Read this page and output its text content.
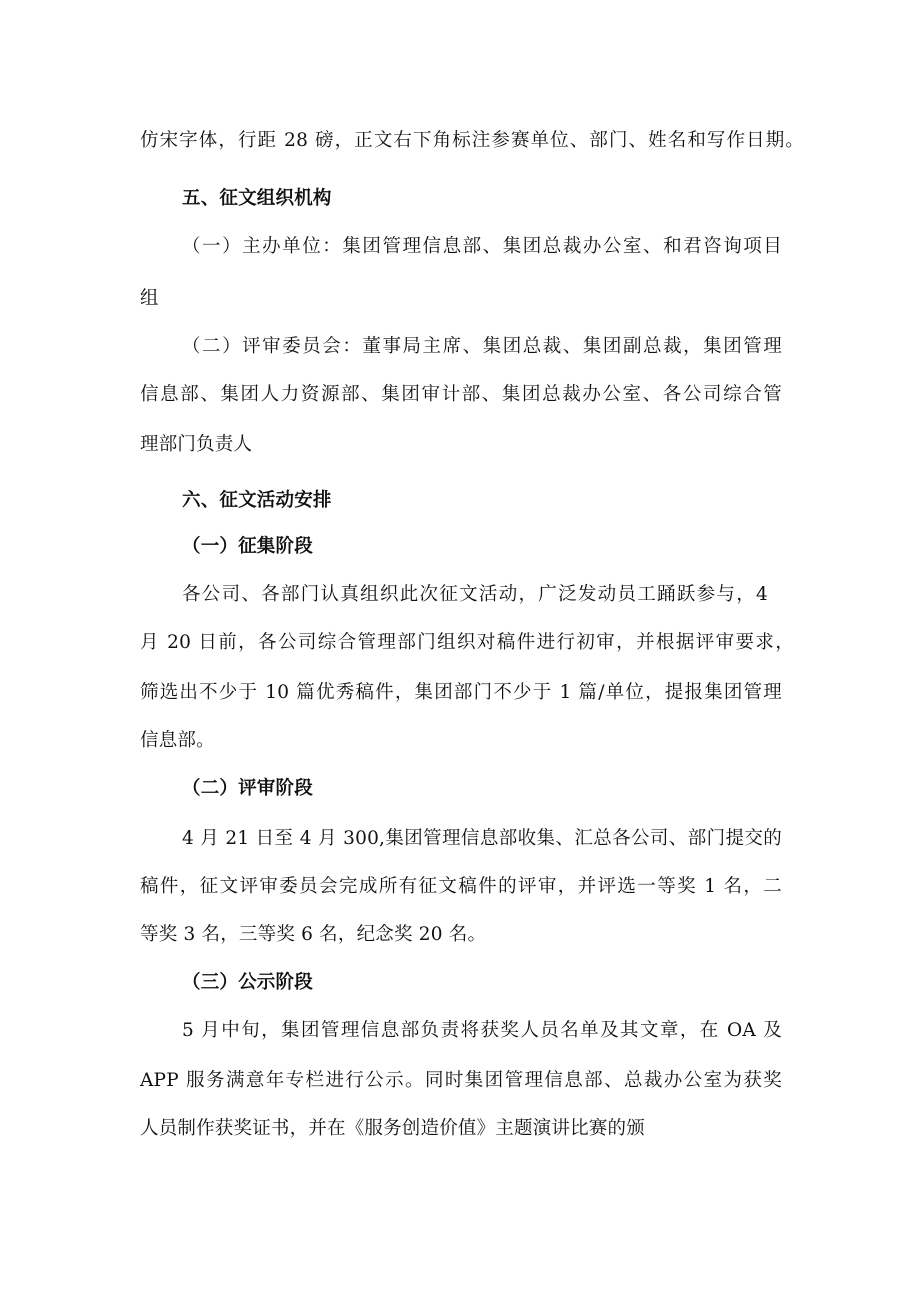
仿宋字体，行距 28 磅，正文右下角标注参赛单位、部门、姓名和写作日期。
五、征文组织机构
（一）主办单位：集团管理信息部、集团总裁办公室、和君咨询项目
组
（二）评审委员会：董事局主席、集团总裁、集团副总裁，集团管理
信息部、集团人力资源部、集团审计部、集团总裁办公室、各公司综合管
理部门负责人
六、征文活动安排
（一）征集阶段
各公司、各部门认真组织此次征文活动，广泛发动员工踊跃参与，4
月 20 日前，各公司综合管理部门组织对稿件进行初审，并根据评审要求，
筛选出不少于 10 篇优秀稿件，集团部门不少于 1 篇/单位，提报集团管理
信息部。
（二）评审阶段
4 月 21 日至 4 月 300,集团管理信息部收集、汇总各公司、部门提交的
稿件，征文评审委员会完成所有征文稿件的评审，并评选一等奖 1 名，二
等奖 3 名，三等奖 6 名，纪念奖 20 名。
（三）公示阶段
5 月中旬，集团管理信息部负责将获奖人员名单及其文章，在 OA 及
APP 服务满意年专栏进行公示。同时集团管理信息部、总裁办公室为获奖
人员制作获奖证书，并在《服务创造价值》主题演讲比赛的颁
